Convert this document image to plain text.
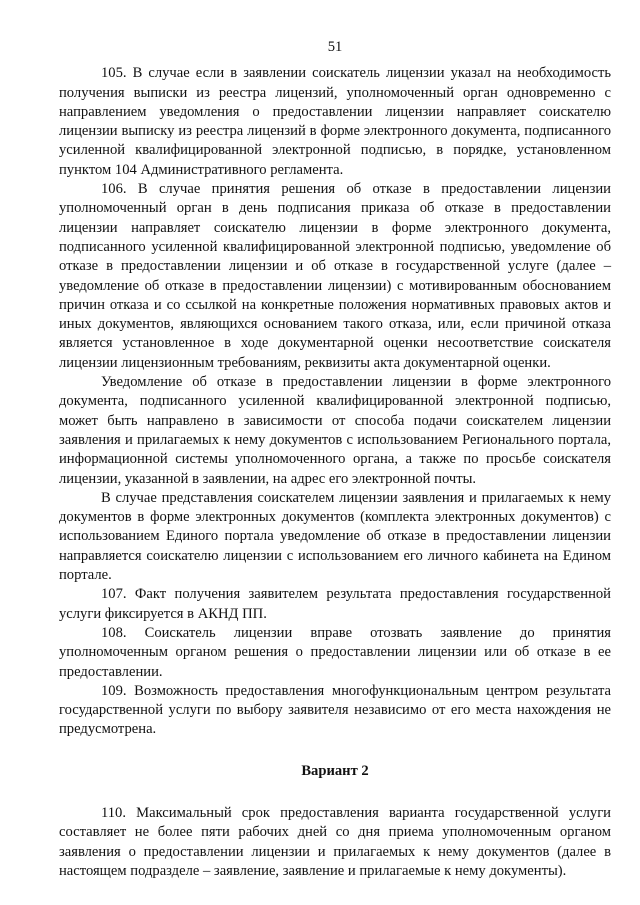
51

105. В случае если в заявлении соискатель лицензии указал на необходимость получения выписки из реестра лицензий, уполномоченный орган одновременно с направлением уведомления о предоставлении лицензии направляет соискателю лицензии выписку из реестра лицензий в форме электронного документа, подписанного усиленной квалифицированной электронной подписью, в порядке, установленном пунктом 104 Административного регламента.

106. В случае принятия решения об отказе в предоставлении лицензии уполномоченный орган в день подписания приказа об отказе в предоставлении лицензии направляет соискателю лицензии в форме электронного документа, подписанного усиленной квалифицированной электронной подписью, уведомление об отказе в предоставлении лицензии и об отказе в государственной услуге (далее – уведомление об отказе в предоставлении лицензии) с мотивированным обоснованием причин отказа и со ссылкой на конкретные положения нормативных правовых актов и иных документов, являющихся основанием такого отказа, или, если причиной отказа является установленное в ходе документарной оценки несоответствие соискателя лицензии лицензионным требованиям, реквизиты акта документарной оценки.

Уведомление об отказе в предоставлении лицензии в форме электронного документа, подписанного усиленной квалифицированной электронной подписью, может быть направлено в зависимости от способа подачи соискателем лицензии заявления и прилагаемых к нему документов с использованием Регионального портала, информационной системы уполномоченного органа, а также по просьбе соискателя лицензии, указанной в заявлении, на адрес его электронной почты.

В случае представления соискателем лицензии заявления и прилагаемых к нему документов в форме электронных документов (комплекта электронных документов) с использованием Единого портала уведомление об отказе в предоставлении лицензии направляется соискателю лицензии с использованием его личного кабинета на Едином портале.

107. Факт получения заявителем результата предоставления государственной услуги фиксируется в АКНД ПП.

108. Соискатель лицензии вправе отозвать заявление до принятия уполномоченным органом решения о предоставлении лицензии или об отказе в ее предоставлении.

109. Возможность предоставления многофункциональным центром результата государственной услуги по выбору заявителя независимо от его места нахождения не предусмотрена.

Вариант 2

110. Максимальный срок предоставления варианта государственной услуги составляет не более пяти рабочих дней со дня приема уполномоченным органом заявления о предоставлении лицензии и прилагаемых к нему документов (далее в настоящем подразделе – заявление, заявление и прилагаемые к нему документы).
